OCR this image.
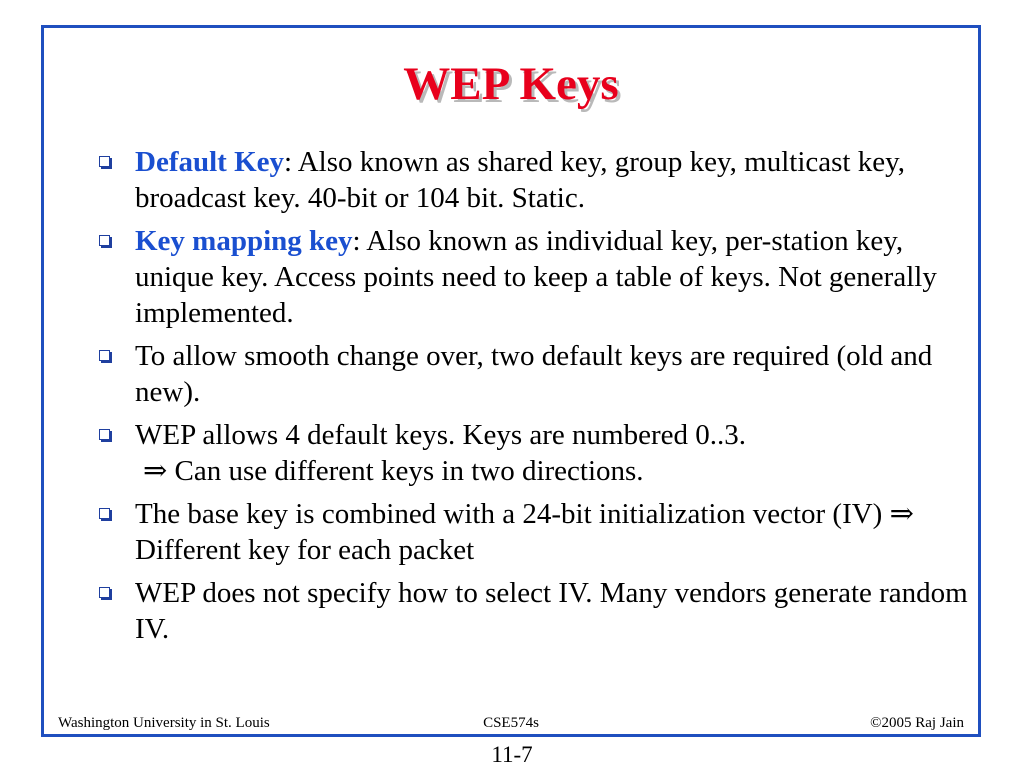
WEP Keys
Default Key: Also known as shared key, group key, multicast key, broadcast key. 40-bit or 104 bit. Static.
Key mapping key: Also known as individual key, per-station key, unique key. Access points need to keep a table of keys. Not generally implemented.
To allow smooth change over, two default keys are required (old and new).
WEP allows 4 default keys. Keys are numbered 0..3.
⇒ Can use different keys in two directions.
The base key is combined with a 24-bit initialization vector (IV) ⇒ Different key for each packet
WEP does not specify how to select IV. Many vendors generate random IV.
Washington University in St. Louis	CSE574s	©2005 Raj Jain
11-7
